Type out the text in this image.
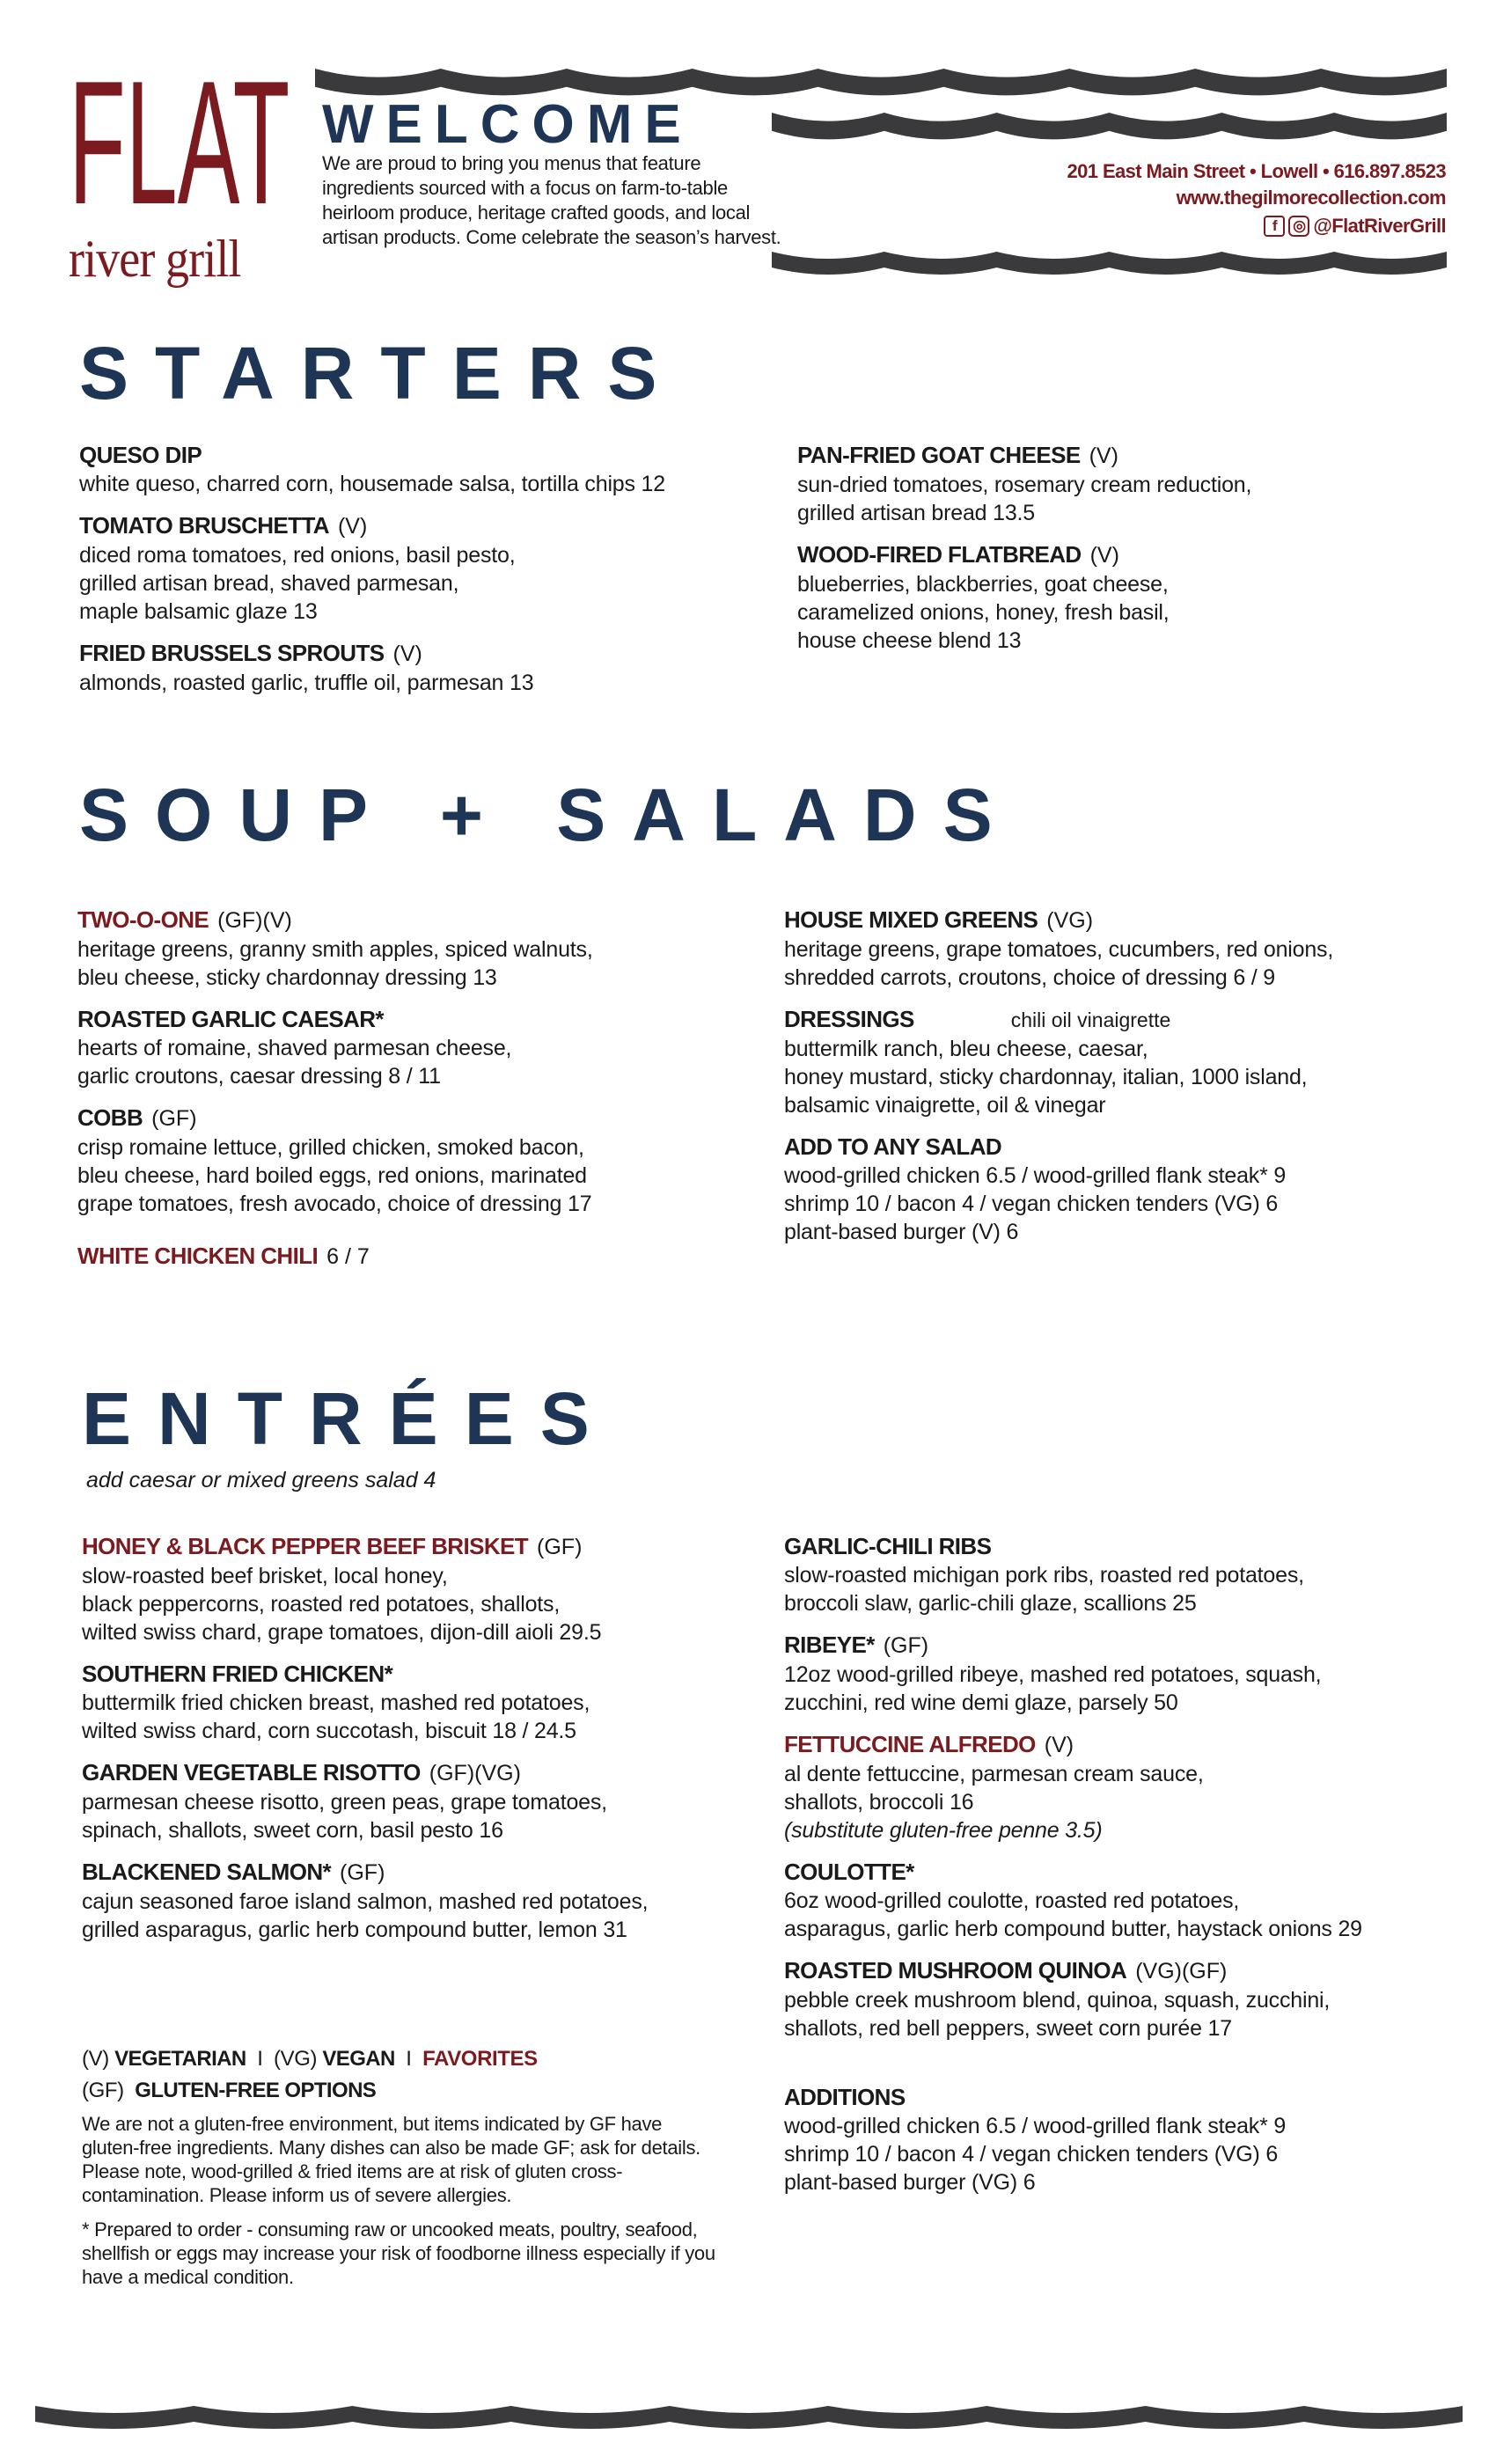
FLAT
river grill
WELCOME
We are proud to bring you menus that feature ingredients sourced with a focus on farm-to-table heirloom produce, heritage crafted goods, and local artisan products. Come celebrate the season’s harvest.
201 East Main Street • Lowell • 616.897.8523
www.thegilmorecollection.com
f	◎ @FlatRiverGrill
STARTERS
QUESO DIP
white queso, charred corn, housemade salsa, tortilla chips 12
TOMATO BRUSCHETTA (V)
diced roma tomatoes, red onions, basil pesto,
grilled artisan bread, shaved parmesan,
maple balsamic glaze 13
FRIED BRUSSELS SPROUTS (V)
almonds, roasted garlic, truffle oil, parmesan 13
PAN-FRIED GOAT CHEESE (V)
sun-dried tomatoes, rosemary cream reduction,
grilled artisan bread 13.5
WOOD-FIRED FLATBREAD (V)
blueberries, blackberries, goat cheese,
caramelized onions, honey, fresh basil,
house cheese blend 13
SOUP + SALADS
TWO-O-ONE (GF)(V)
heritage greens, granny smith apples, spiced walnuts,
bleu cheese, sticky chardonnay dressing 13
ROASTED GARLIC CAESAR*
hearts of romaine, shaved parmesan cheese,
garlic croutons, caesar dressing 8 / 11
COBB (GF)
crisp romaine lettuce, grilled chicken, smoked bacon,
bleu cheese, hard boiled eggs, red onions, marinated
grape tomatoes, fresh avocado, choice of dressing 17
WHITE CHICKEN CHILI 6 / 7
HOUSE MIXED GREENS (VG)
heritage greens, grape tomatoes, cucumbers, red onions,
shredded carrots, croutons, choice of dressing 6 / 9
DRESSINGS	chili oil vinaigrette
buttermilk ranch, bleu cheese, caesar,
honey mustard, sticky chardonnay, italian, 1000 island,
balsamic vinaigrette, oil & vinegar
ADD TO ANY SALAD
wood-grilled chicken 6.5 / wood-grilled flank steak* 9
shrimp 10 / bacon 4 / vegan chicken tenders (VG) 6
plant-based burger (V) 6
ENTRÉES
add caesar or mixed greens salad 4
HONEY & BLACK PEPPER BEEF BRISKET (GF)
slow-roasted beef brisket, local honey,
black peppercorns, roasted red potatoes, shallots,
wilted swiss chard, grape tomatoes, dijon-dill aioli 29.5
SOUTHERN FRIED CHICKEN*
buttermilk fried chicken breast, mashed red potatoes,
wilted swiss chard, corn succotash, biscuit 18 / 24.5
GARDEN VEGETABLE RISOTTO (GF)(VG)
parmesan cheese risotto, green peas, grape tomatoes,
spinach, shallots, sweet corn, basil pesto 16
BLACKENED SALMON* (GF)
cajun seasoned faroe island salmon, mashed red potatoes,
grilled asparagus, garlic herb compound butter, lemon 31
GARLIC-CHILI RIBS
slow-roasted michigan pork ribs, roasted red potatoes,
broccoli slaw, garlic-chili glaze, scallions 25
RIBEYE* (GF)
12oz wood-grilled ribeye, mashed red potatoes, squash,
zucchini, red wine demi glaze, parsely 50
FETTUCCINE ALFREDO (V)
al dente fettuccine, parmesan cream sauce,
shallots, broccoli 16
(substitute gluten-free penne 3.5)
COULOTTE*
6oz wood-grilled coulotte, roasted red potatoes,
asparagus, garlic herb compound butter, haystack onions 29
ROASTED MUSHROOM QUINOA (VG)(GF)
pebble creek mushroom blend, quinoa, squash, zucchini,
shallots, red bell peppers, sweet corn purée 17
ADDITIONS
wood-grilled chicken 6.5 / wood-grilled flank steak* 9
shrimp 10 / bacon 4 / vegan chicken tenders (VG) 6
plant-based burger (VG) 6
(V) VEGETARIAN I (VG) VEGAN I FAVORITES
(GF) GLUTEN-FREE OPTIONS

We are not a gluten-free environment, but items indicated by GF have gluten-free ingredients. Many dishes can also be made GF; ask for details. Please note, wood-grilled & fried items are at risk of gluten cross-contamination. Please inform us of severe allergies.

* Prepared to order - consuming raw or uncooked meats, poultry, seafood, shellfish or eggs may increase your risk of foodborne illness especially if you have a medical condition.
